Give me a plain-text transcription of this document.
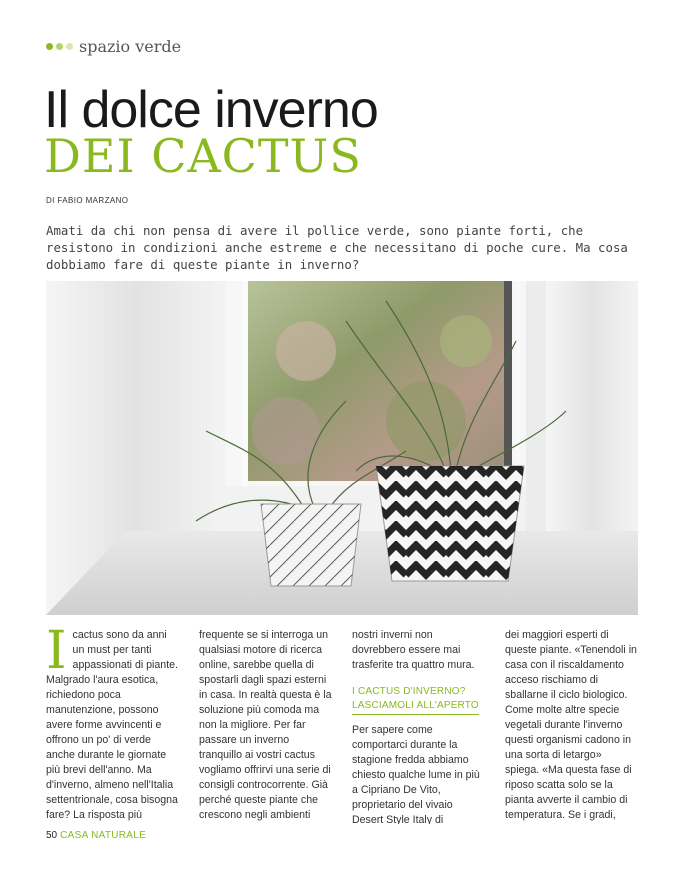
spazio verde
Il dolce inverno
DEI CACTUS
DI FABIO MARZANO

Amati da chi non pensa di avere il pollice verde, sono piante forti, che resistono in condizioni anche estreme e che necessitano di poche cure. Ma cosa dobbiamo fare di queste piante in inverno?

I cactus sono da anni un must per tanti appassionati di piante. Malgrado l'aura esotica, richiedono poca manutenzione, possono avere forme avvincenti e offrono un po' di verde anche durante le giornate più brevi dell'anno. Ma d'inverno, almeno nell'Italia settentrionale, cosa bisogna fare? La risposta più

frequente se si interroga un qualsiasi motore di ricerca online, sarebbe quella di spostarli dagli spazi esterni in casa. In realtà questa è la soluzione più comoda ma non la migliore. Per far passare un inverno tranquillo ai vostri cactus vogliamo offrirvi una serie di consigli controcorrente. Già perché queste piante che crescono negli ambienti

nostri inverni non dovrebbero essere mai trasferite tra quattro mura.

I CACTUS D'INVERNO?
LASCIAMOLI ALL'APERTO

Per sapere come comportarci durante la stagione fredda abbiamo chiesto qualche lume in più a Cipriano De Vito, proprietario del vivaio Desert Style Italy di

dei maggiori esperti di queste piante. «Tenendoli in casa con il riscaldamento acceso rischiamo di sballarne il ciclo biologico. Come molte altre specie vegetali durante l'inverno questi organismi cadono in una sorta di letargo» spiega. «Ma questa fase di riposo scatta solo se la pianta avverte il cambio di temperatura. Se i gradi,

50 CASA NATURALE
